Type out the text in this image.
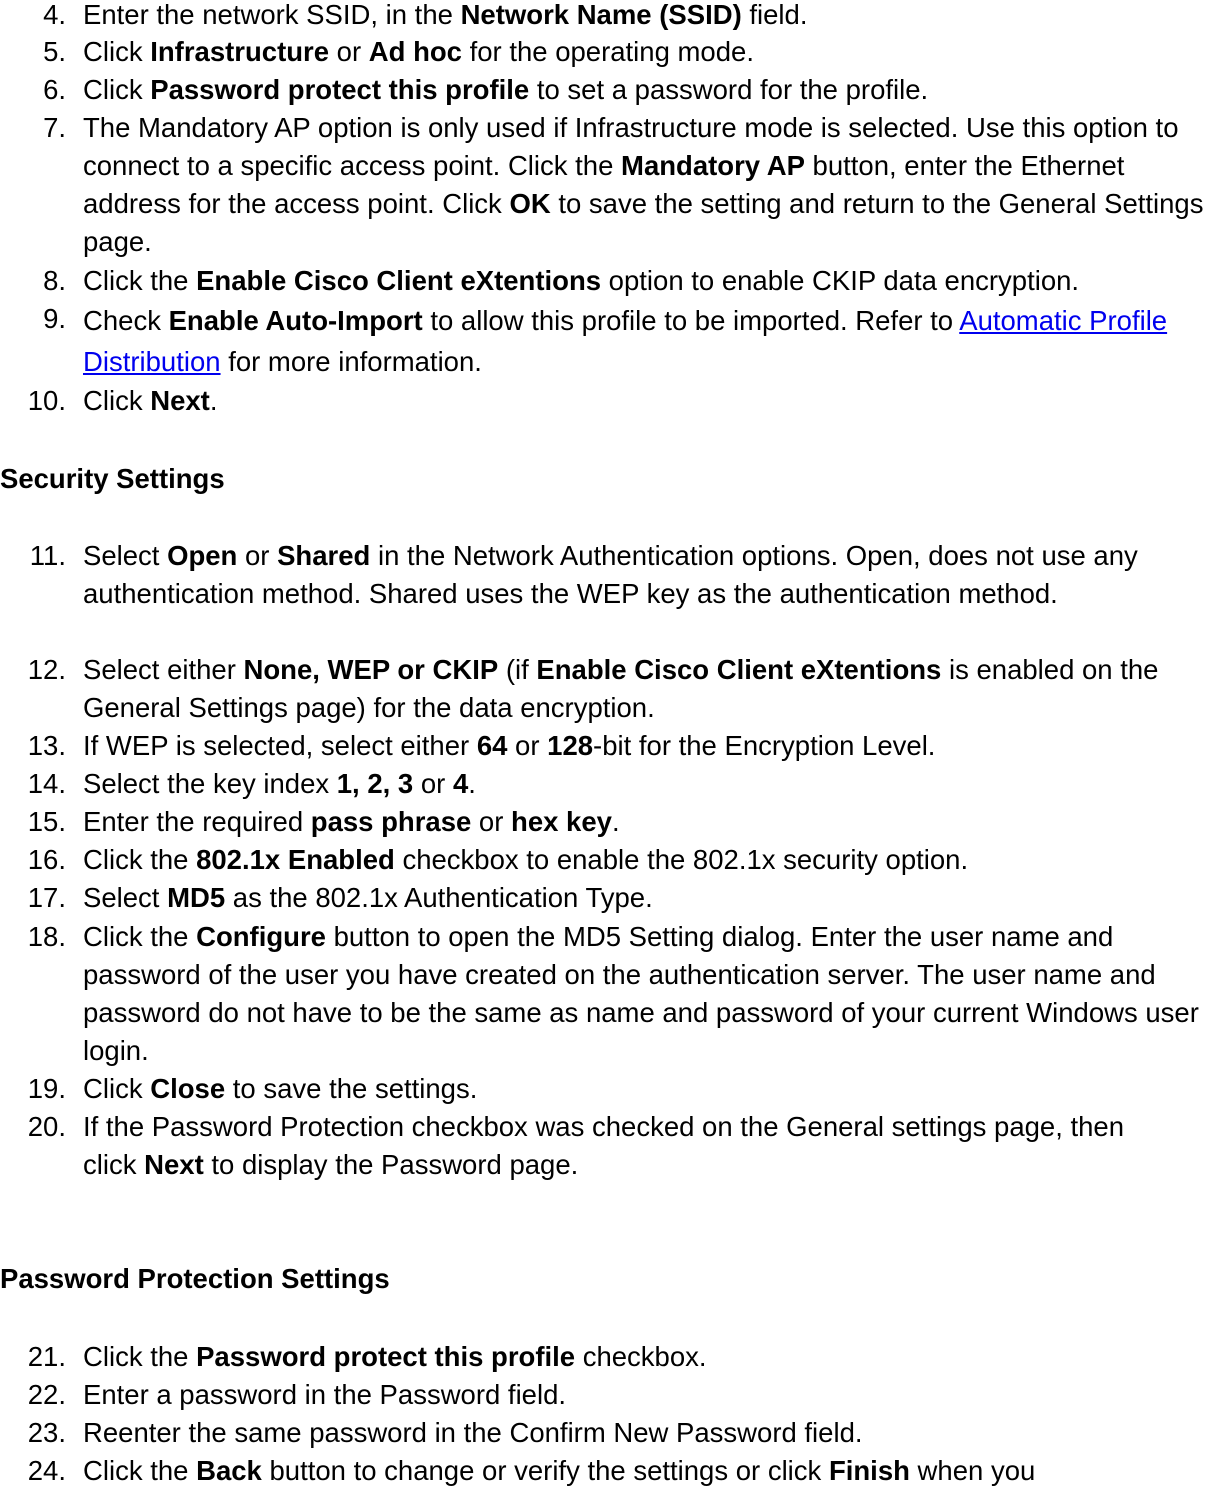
4. Enter the network SSID, in the Network Name (SSID) field.
5. Click Infrastructure or Ad hoc for the operating mode.
6. Click Password protect this profile to set a password for the profile.
7. The Mandatory AP option is only used if Infrastructure mode is selected. Use this option to connect to a specific access point. Click the Mandatory AP button, enter the Ethernet address for the access point. Click OK to save the setting and return to the General Settings page.
8. Click the Enable Cisco Client eXtentions option to enable CKIP data encryption.
9. Check Enable Auto-Import to allow this profile to be imported. Refer to Automatic Profile Distribution for more information.
10. Click Next.
Security Settings
11. Select Open or Shared in the Network Authentication options. Open, does not use any authentication method. Shared uses the WEP key as the authentication method.
12. Select either None, WEP or CKIP (if Enable Cisco Client eXtentions is enabled on the General Settings page) for the data encryption.
13. If WEP is selected, select either 64 or 128-bit for the Encryption Level.
14. Select the key index 1, 2, 3 or 4.
15. Enter the required pass phrase or hex key.
16. Click the 802.1x Enabled checkbox to enable the 802.1x security option.
17. Select MD5 as the 802.1x Authentication Type.
18. Click the Configure button to open the MD5 Setting dialog. Enter the user name and password of the user you have created on the authentication server. The user name and password do not have to be the same as name and password of your current Windows user login.
19. Click Close to save the settings.
20. If the Password Protection checkbox was checked on the General settings page, then
click Next to display the Password page.
Password Protection Settings
21. Click the Password protect this profile checkbox.
22. Enter a password in the Password field.
23. Reenter the same password in the Confirm New Password field.
24. Click the Back button to change or verify the settings or click Finish when you
